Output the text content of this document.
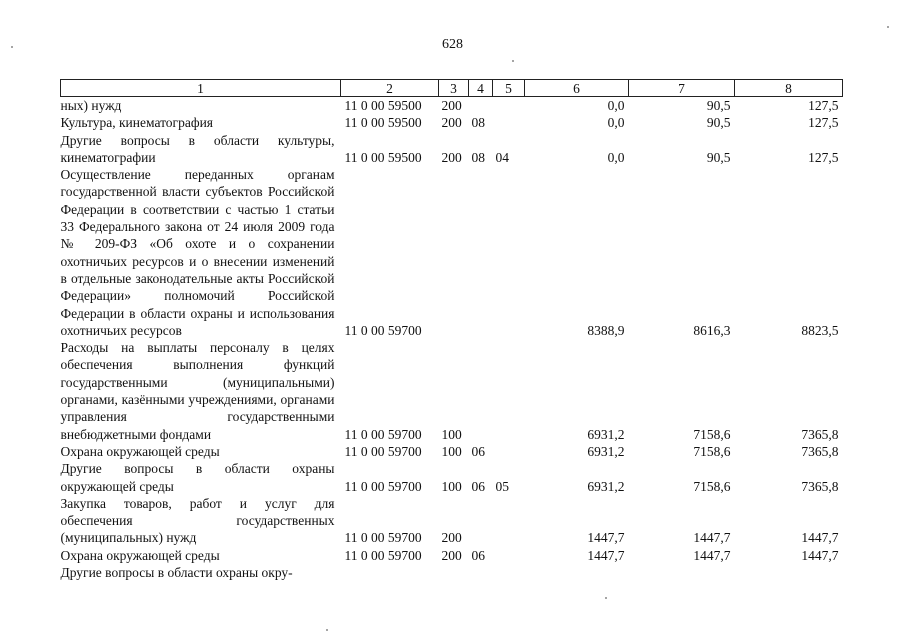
628
1	2	3	4	5	6	7	8
ных) нужд	11 0 00 59500	200			0,0	90,5	127,5
Культура, кинематография	11 0 00 59500	200	08		0,0	90,5	127,5
Другие вопросы в области культуры, кинематографии	11 0 00 59500	200	08	04	0,0	90,5	127,5
Осуществление переданных органам государственной власти субъектов Российской Федерации в соответствии с частью 1 статьи 33 Федерального закона от 24 июля 2009 года № 209-ФЗ «Об охоте и о сохранении охотничьих ресурсов и о внесении изменений в отдельные законодательные акты Российской Федерации» полномочий Российской Федерации в области охраны и использования охотничьих ресурсов	11 0 00 59700				8388,9	8616,3	8823,5
Расходы на выплаты персоналу в целях обеспечения выполнения функций государственными (муниципальными) органами, казёнными учреждениями, органами управления государственными внебюджетными фондами	11 0 00 59700	100			6931,2	7158,6	7365,8
Охрана окружающей среды	11 0 00 59700	100	06		6931,2	7158,6	7365,8
Другие вопросы в области охраны окружающей среды	11 0 00 59700	100	06	05	6931,2	7158,6	7365,8
Закупка товаров, работ и услуг для обеспечения государственных (муниципальных) нужд	11 0 00 59700	200			1447,7	1447,7	1447,7
Охрана окружающей среды	11 0 00 59700	200	06		1447,7	1447,7	1447,7
Другие вопросы в области охраны окру-							
